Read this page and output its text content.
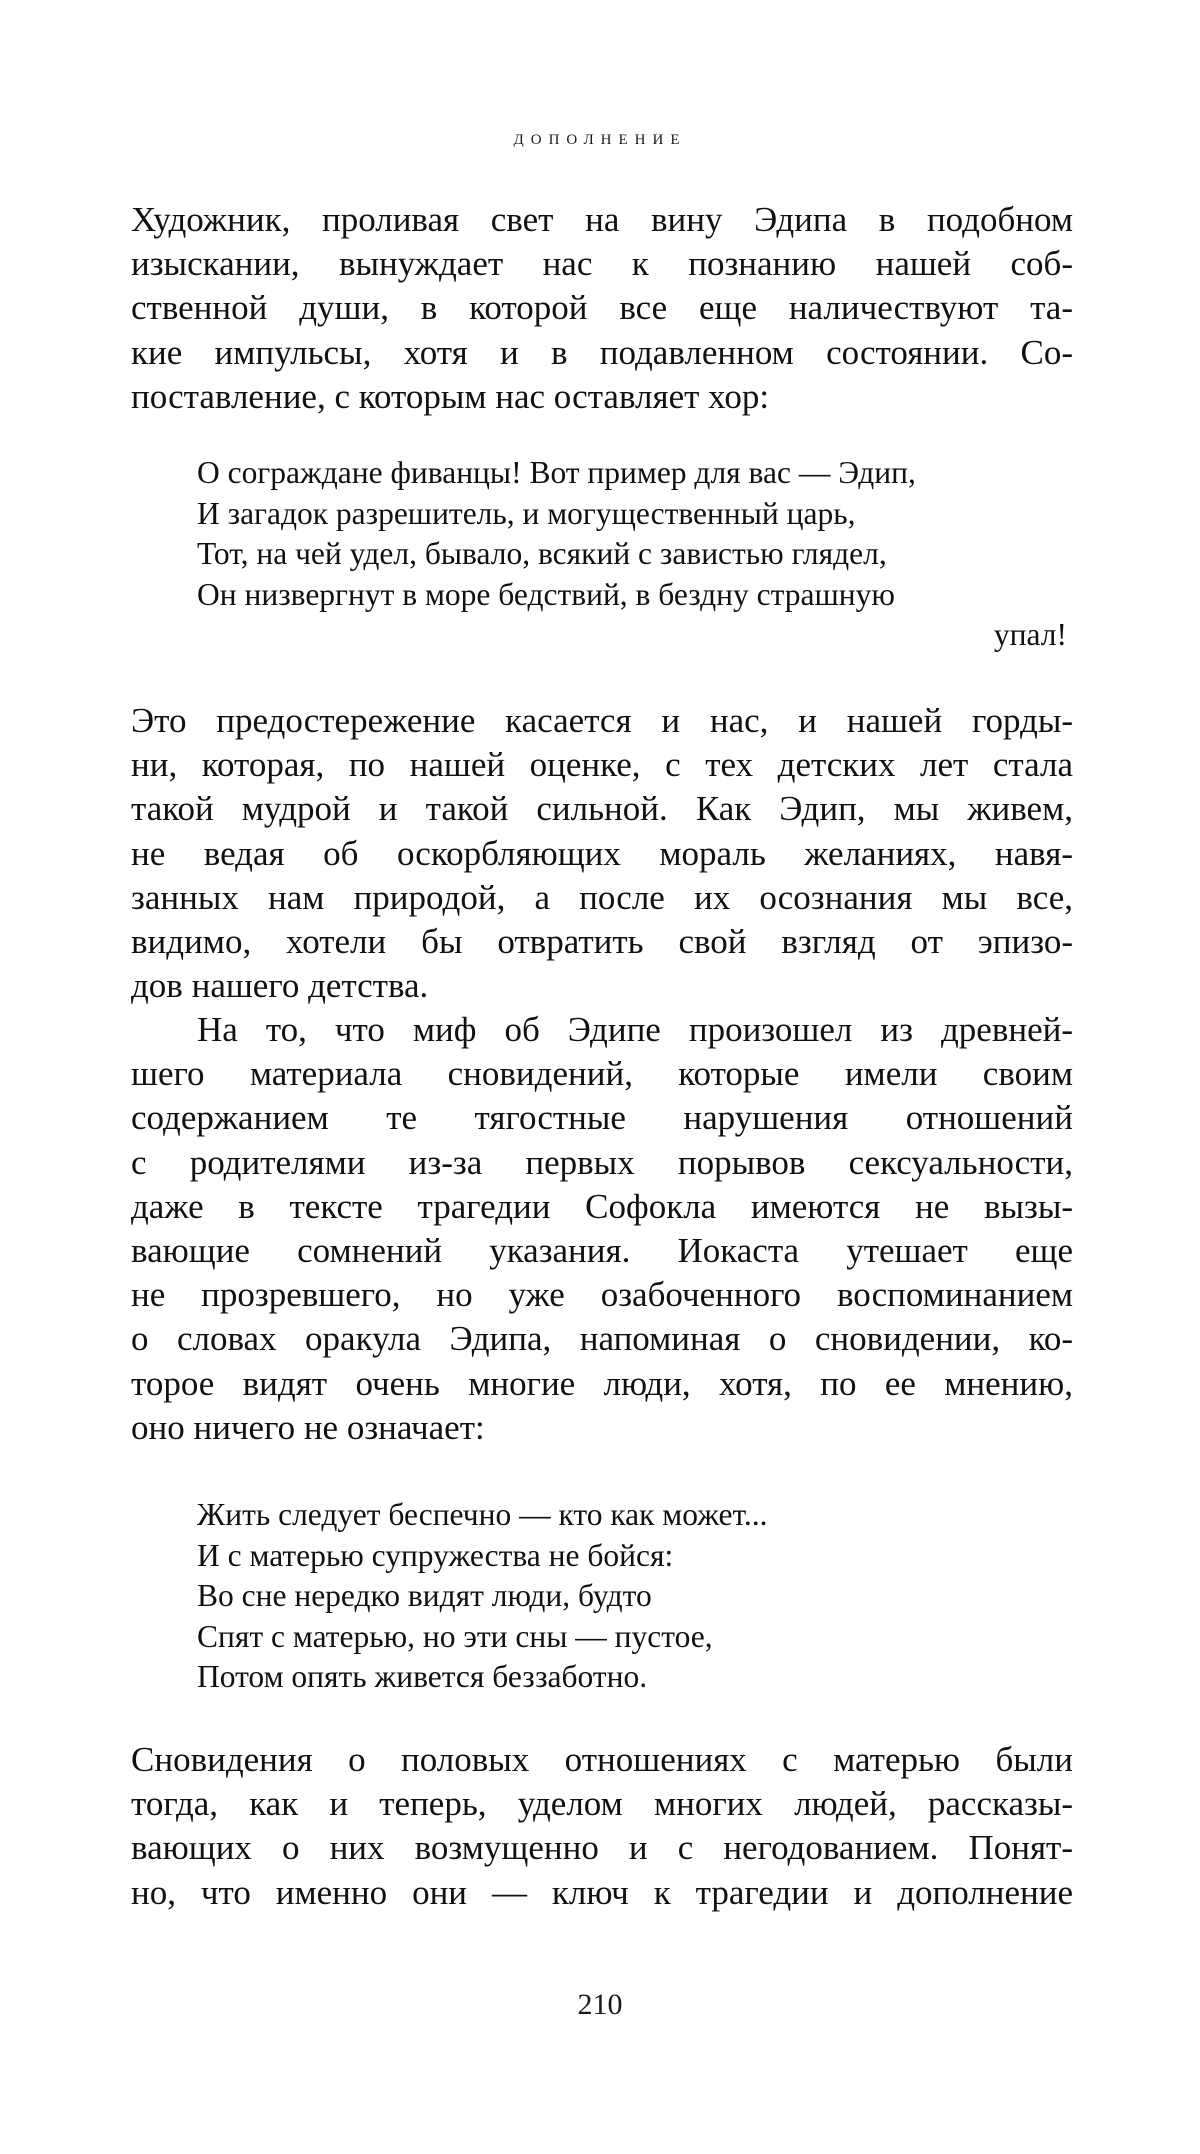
дополнение

Художник, проливая свет на вину Эдипа в подобном
изыскании, вынуждает нас к познанию нашей соб-
ственной души, в которой все еще наличествуют та-
кие импульсы, хотя и в подавленном состоянии. Со-
поставление, с которым нас оставляет хор:

О сограждане фиванцы! Вот пример для вас — Эдип,
И загадок разрешитель, и могущественный царь,
Тот, на чей удел, бывало, всякий с завистью глядел,
Он низвергнут в море бедствий, в бездну страшную
упал!

Это предостережение касается и нас, и нашей горды-
ни, которая, по нашей оценке, с тех детских лет стала
такой мудрой и такой сильной. Как Эдип, мы живем,
не ведая об оскорбляющих мораль желаниях, навя-
занных нам природой, а после их осознания мы все,
видимо, хотели бы отвратить свой взгляд от эпизо-
дов нашего детства.

На то, что миф об Эдипе произошел из древней-
шего материала сновидений, которые имели своим
содержанием те тягостные нарушения отношений
с родителями из-за первых порывов сексуальности,
даже в тексте трагедии Софокла имеются не вызы-
вающие сомнений указания. Иокаста утешает еще
не прозревшего, но уже озабоченного воспоминанием
о словах оракула Эдипа, напоминая о сновидении, ко-
торое видят очень многие люди, хотя, по ее мнению,
оно ничего не означает:

Жить следует беспечно — кто как может...
И с матерью супружества не бойся:
Во сне нередко видят люди, будто
Спят с матерью, но эти сны — пустое,
Потом опять живется беззаботно.

Сновидения о половых отношениях с матерью были
тогда, как и теперь, уделом многих людей, рассказы-
вающих о них возмущенно и с негодованием. Понят-
но, что именно они — ключ к трагедии и дополнение

210
